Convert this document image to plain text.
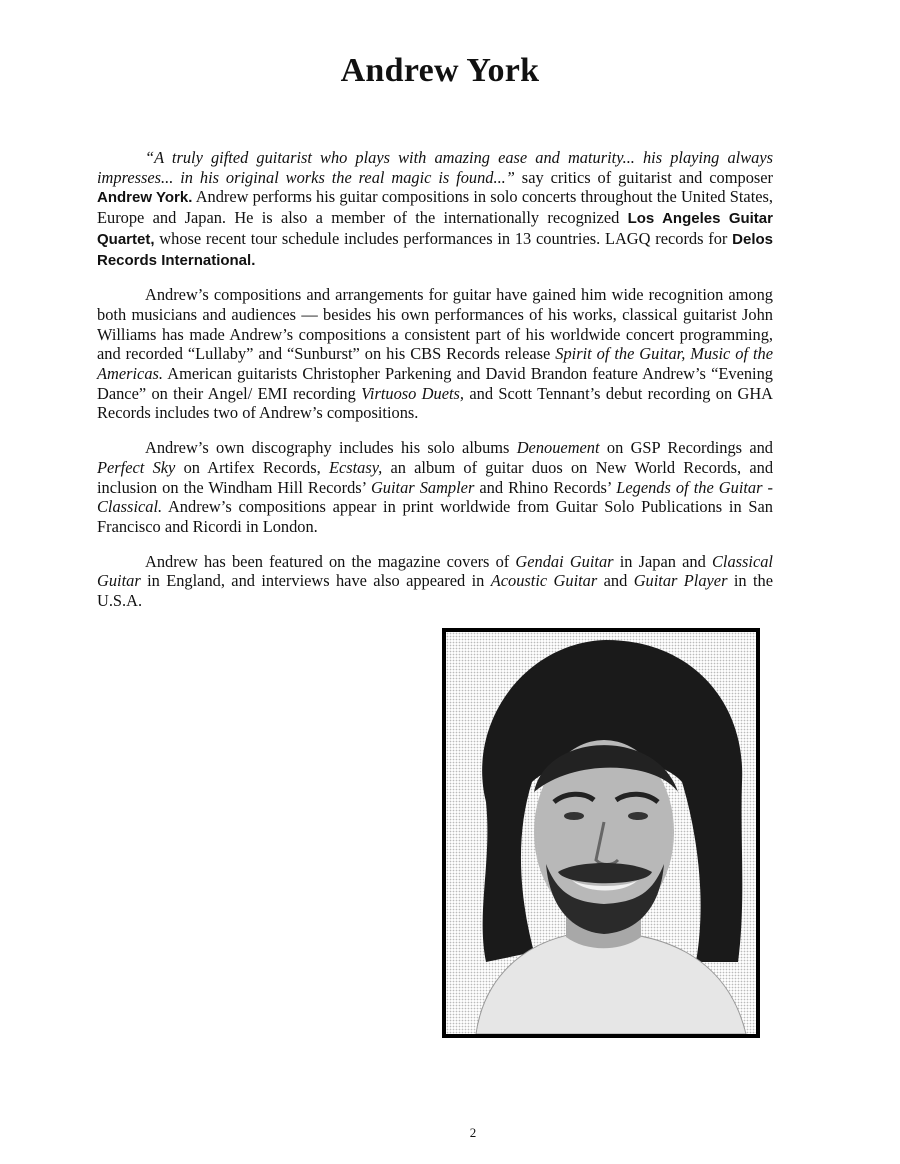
Andrew York

“A truly gifted guitarist who plays with amazing ease and maturity... his playing always impresses... in his original works the real magic is found...” say critics of guitarist and composer Andrew York. Andrew performs his guitar compositions in solo concerts throughout the United States, Europe and Japan. He is also a member of the internationally recognized Los Angeles Guitar Quartet, whose recent tour schedule includes performances in 13 countries. LAGQ records for Delos Records International.

Andrew’s compositions and arrangements for guitar have gained him wide recognition among both musicians and audiences — besides his own performances of his works, classical guitarist John Williams has made Andrew’s compositions a consistent part of his worldwide concert programming, and recorded “Lullaby” and “Sunburst” on his CBS Records release Spirit of the Guitar, Music of the Americas. American guitarists Christopher Parkening and David Brandon feature Andrew’s “Evening Dance” on their Angel/ EMI recording Virtuoso Duets, and Scott Tennant’s debut recording on GHA Records includes two of Andrew’s compositions.

Andrew’s own discography includes his solo albums Denouement on GSP Recordings and Perfect Sky on Artifex Records, Ecstasy, an album of guitar duos on New World Records, and inclusion on the Windham Hill Records’ Guitar Sampler and Rhino Records’ Legends of the Guitar - Classical. Andrew’s compositions appear in print worldwide from Guitar Solo Publications in San Francisco and Ricordi in London.

Andrew has been featured on the magazine covers of Gendai Guitar in Japan and Classical Guitar in England, and interviews have also appeared in Acoustic Guitar and Guitar Player in the U.S.A.

2
